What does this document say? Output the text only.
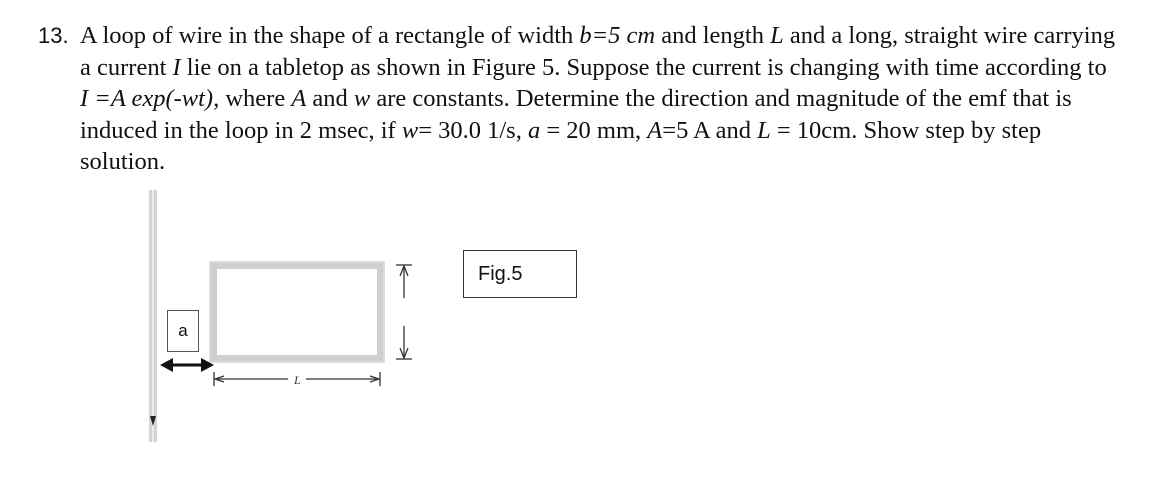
13. A loop of wire in the shape of a rectangle of width b=5 cm and length L and a long, straight wire carrying a current I lie on a tabletop as shown in Figure 5. Suppose the current is changing with time according to I =A exp(-wt), where A and w are constants. Determine the direction and magnitude of the emf that is induced in the loop in 2 msec, if w= 30.0 1/s, a = 20 mm, A=5 A and L = 10cm. Show step by step solution.
L
a
Fig.5
